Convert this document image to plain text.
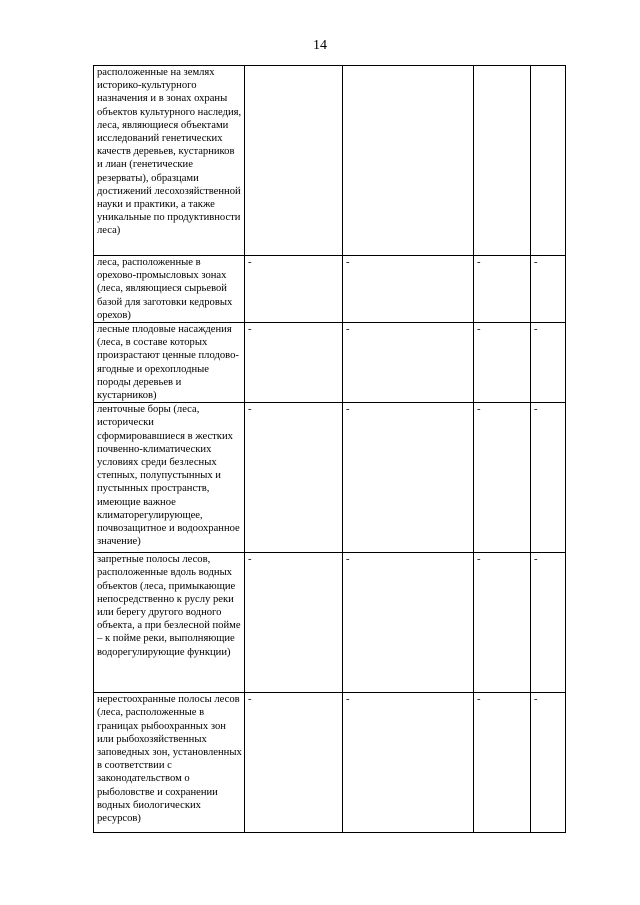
14
расположенные на землях историко-культурного назначения и в зонах охраны объектов культурного наследия, леса, являющиеся объектами исследований генетических качеств деревьев, кустарников и лиан (генетические резерваты), образцами достижений лесохозяйственной науки и практики, а также уникальные по продуктивности леса)	

леса, расположенные в орехово-промысловых зонах (леса, являющиеся сырьевой базой для заготовки кедровых орехов)	-	-	-	-

лесные плодовые насаждения (леса, в составе которых произрастают ценные плодово-ягодные и орехоплодные породы деревьев и кустарников)	-	-	-	-

ленточные боры (леса, исторически сформировавшиеся в жестких почвенно-климатических условиях среди безлесных степных, полупустынных и пустынных пространств, имеющие важное климаторегулирующее, почвозащитное и водоохранное значение)	-	-	-	-

запретные полосы лесов, расположенные вдоль водных объектов (леса, примыкающие непосредственно к руслу реки или берегу другого водного объекта, а при безлесной пойме – к пойме реки, выполняющие водорегулирующие функции)	-	-	-	-

нерестоохранные полосы лесов (леса, расположенные в границах рыбоохранных зон или рыбохозяйственных заповедных зон, установленных в соответствии с законодательством о рыболовстве и сохранении водных биологических ресурсов)	-	-	-	-
